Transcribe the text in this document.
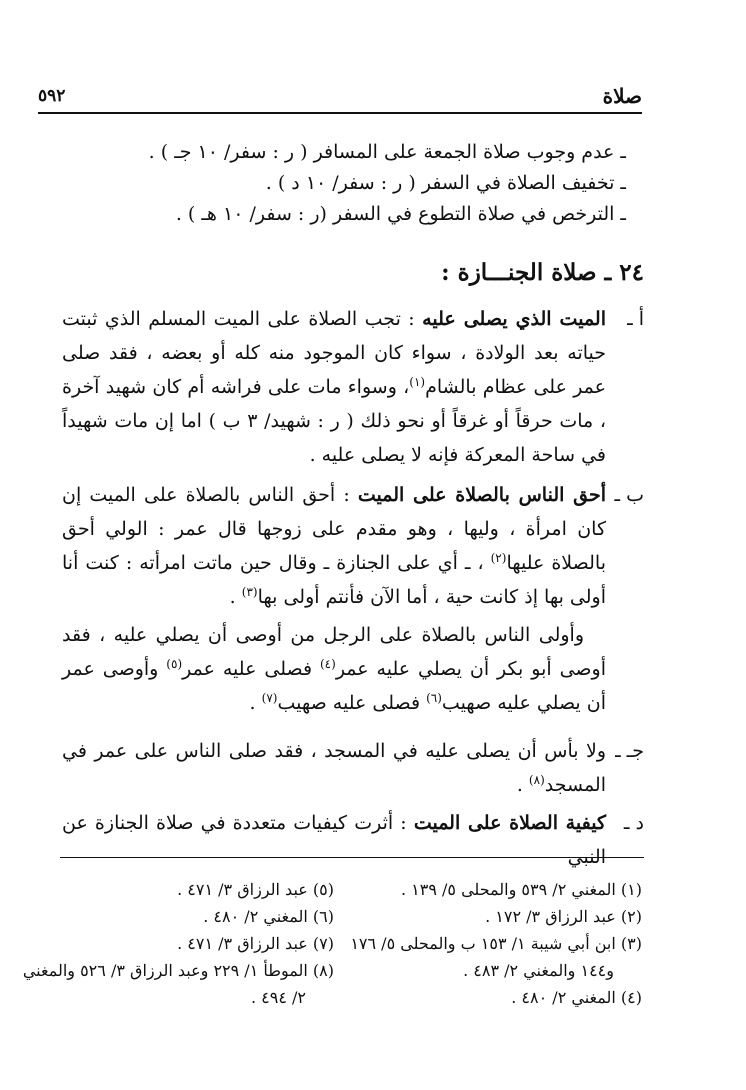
صلاة
٥٩٢
ـ عدم وجوب صلاة الجمعة على المسافر ( ر : سفر/ ١٠ جـ ) .
ـ تخفيف الصلاة في السفر ( ر : سفر/ ١٠ د ) .
ـ الترخص في صلاة التطوع في السفر (ر : سفر/ ١٠ هـ ) .
٢٤ ـ صلاة الجنـــازة :
أ ـ
الميت الذي يصلى عليه : تجب الصلاة على الميت المسلم الذي ثبتت حياته بعد الولادة ، سواء كان الموجود منه كله أو بعضه ، فقد صلى عمر على عظام بالشام$^{(١)}$، وسواء مات على فراشه أم كان شهيد آخرة ، مات حرقاً أو غرقاً أو نحو ذلك ( ر : شهيد/ ٣ ب ) اما إن مات شهيداً في ساحة المعركة فإنه لا يصلى عليه .
ب ـ
أحق الناس بالصلاة على الميت : أحق الناس بالصلاة على الميت إن كان امرأة ، وليها ، وهو مقدم على زوجها قال عمر : الولي أحق بالصلاة عليها$^{(٢)}$ ، ـ أي على الجنازة ـ وقال حين ماتت امرأته : كنت أنا أولى بها إذ كانت حية ، أما الآن فأنتم أولى بها$^{(٣)}$ .
وأولى الناس بالصلاة على الرجل من أوصى أن يصلي عليه ، فقد أوصى أبو بكر أن يصلي عليه عمر$^{(٤)}$ فصلى عليه عمر$^{(٥)}$ وأوصى عمر أن يصلي عليه صهيب$^{(٦)}$ فصلى عليه صهيب$^{(٧)}$ .
جـ ـ
ولا بأس أن يصلى عليه في المسجد ، فقد صلى الناس على عمر في المسجد$^{(٨)}$ .
د ـ
كيفية الصلاة على الميت : أثرت كيفيات متعددة في صلاة الجنازة عن النبي
(١) المغني ٢/ ٥٣٩ والمحلى ٥/ ١٣٩ .
(٢) عبد الرزاق ٣/ ١٧٢ .
(٣) ابن أبي شيبة ١/ ١٥٣ ب والمحلى ٥/ ١٧٦
و١٤٤ والمغني ٢/ ٤٨٣ .
(٤) المغني ٢/ ٤٨٠ .
(٥) عبد الرزاق ٣/ ٤٧١ .
(٦) المغني ٢/ ٤٨٠ .
(٧) عبد الرزاق ٣/ ٤٧١ .
(٨) الموطأ ١/ ٢٢٩ وعبد الرزاق ٣/ ٥٢٦ والمغني
٢/ ٤٩٤ .
